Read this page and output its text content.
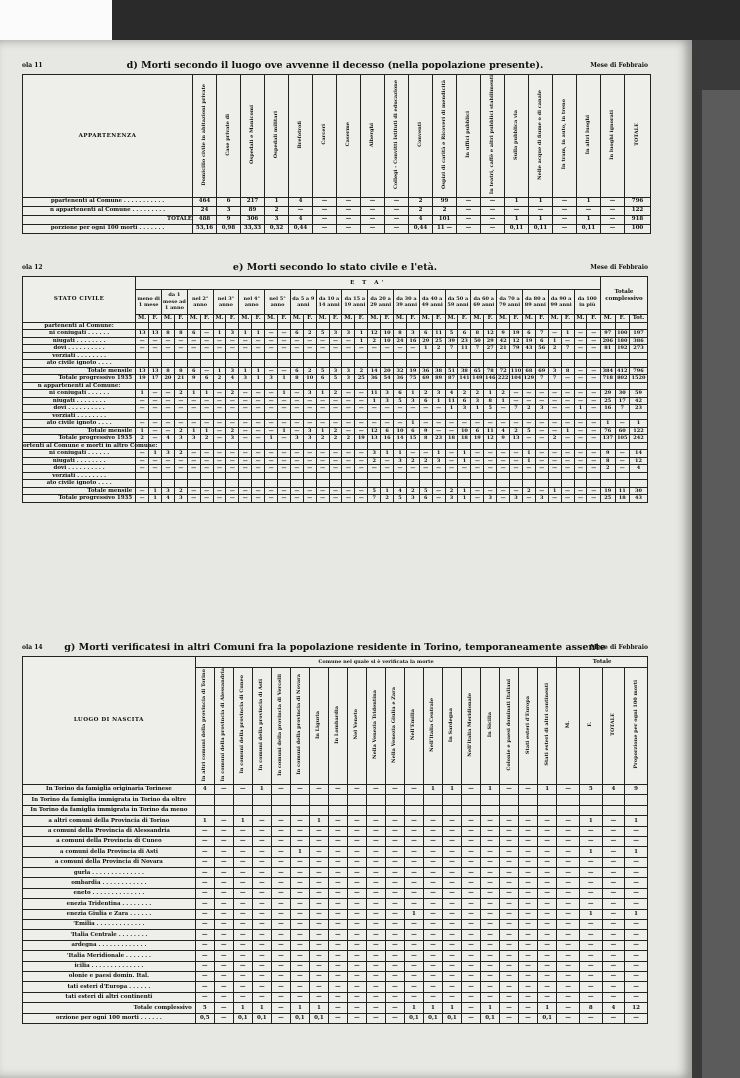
ola 11	d) Morti secondo il luogo ove avvenne il decesso (nella popolazione presente).	Mese di Febbraio
APPARTENENZA	Domicilio civile in abitazioni private	Case private di	Ospedali e Manicomi	Ospedali militari	Brefotrofi	Carceri	Caserme	Alberghi	Collegi - Convitti Istituti di educazione	Conventi	Ospizi di carità e Ricoveri di mendicità	In uffici pubblici	In teatri, caffè e altri pubblici stabilimenti	Sulla pubblica via	Nelle acque di fiume o di canale	In tram, in auto, in treno	In altri luoghi	In luoghi ignorati	TOTALE
ppartenenti al Comune . . . . . . . . . . .	464	6	217	1	4	—	—	—	—	2	99	—	—	1	1	—	1	—	796
n appartenenti al Comune . . . . . . . . .	24	3	89	2	—	—	—	—	—	2	2	—	—	—	—	—	—	—	122
TOTALE	488	9	306	3	4	—	—	—	—	4	101	—	—	1	1	—	1	—	918
porzione per ogni 100 morti . . . . . . .	53,16	0,98	33,33	0,32	0,44	—	—	—	—	0,44	11 —	—	—	0,11	0,11	—	0,11	—	100
ola 12	e) Morti secondo lo stato civile e l'età.	Mese di Febbraio
STATO CIVILE	E T A'																																				Totale complessivo		
	meno di 1 mese		da 1 mese ad 1 anno		nel 2° anno		nel 3° anno		nel 4° anno		nel 5° anno		da 5 a 9 anni		da 10 a 14 anni		da 15 a 19 anni		da 20 a 29 anni		da 30 a 39 anni		da 40 a 49 anni		da 50 a 59 anni		da 60 a 69 anni		da 70 a 79 anni		da 80 a 89 anni		da 90 a 99 anni		da 100 in più				
	M.	F.	M.	F.	M.	F.	M.	F.	M.	F.	M.	F.	M.	F.	M.	F.	M.	F.	M.	F.	M.	F.	M.	F.	M.	F.	M.	F.	M.	F.	M.	F.	M.	F.	M.	F.	M.	F.	Tot.
partenenti al Comune:																																							
ni coniugati . . . . . .	13	13	8	8	6	—	1	3	1	1	—	—	6	2	5	3	3	1	12	10	8	3	6	11	5	6	8	12	9	19	6	7	—	1	—	—	97	100	197
niugati . . . . . . . .	—	—	—	—	—	—	—	—	—	—	—	—	—	—	—	—	—	1	2	10	24	16	29	25	39	23	50	29	42	12	19	6	1	—	—	—	206	180	386
dovi . . . . . . . . . .	—	—	—	—	—	—	—	—	—	—	—	—	—	—	—	—	—	—	—	—	—	—	1	2	7	11	7	27	21	79	43	56	2	7	—	—	81	192	273
vorziati . . . . . . . .																																							
ato civile ignoto . . . .																																							
Totale mensile	13	13	8	8	6	—	1	3	1	1	—	—	6	2	5	3	3	2	14	20	32	19	36	38	51	38	65	78	72	110	68	69	3	8	—	—	384	412	796
Totale progressivo 1935	19	17	20	21	9	6	2	4	3	1	3	1	8	10	6	5	3	25	36	54	36	75	69	89	87	141	149	146	222	104	129	7	7	—	—	—	718	802	1520
n appartenenti al Comune:																																							
ni coniugati . . . . . .	1	—	—	2	1	1	—	2	—	—	—	1	—	3	1	2	—	—	11	3	6	1	2	3	4	2	2	1	2	—	—	—	—	—	—	—	29	30	59
niugati . . . . . . . .	—	—	—	—	—	—	—	—	—	—	—	—	—	—	—	—	—	—	1	3	5	3	6	1	11	6	3	8	1	—	—	—	—	—	—	—	25	17	42
dovi . . . . . . . . . .	—	—	—	—	—	—	—	—	—	—	—	—	—	—	—	—	—	—	—	—	—	—	—	—	1	3	1	5	—	7	2	3	—	—	1	—	16	7	23
vorziati . . . . . . . .																																							
ato civile ignoto . . . .	—	—	—	—	—	—	—	—	—	—	—	—	—	—	—	—	—	—	—	—	—	1	—	—	—	—	—	—	—	—	—	—	—	—	—	—	1	—	1
Totale mensile	1	—	—	2	1	1	—	2	—	—	—	1	—	3	1	2	—	—	12	6	10	6	9	—	—	10	6	11	4	2	5	—	—	1	—	—	76	60	122
Totale progressivo 1935	2	—	4	3	3	2	—	3	—	—	1	—	3	3	2	2	2	19	13	16	14	15	8	23	18	18	19	12	9	13	—	—	2	—	—	—	137	105	242
ortenti al Comune e morti in altro Comune:																																							
ni coniugati . . . . . .	—	1	3	2	—	—	—	—	—	—	—	—	—	—	—	—	—	—	3	1	1	—	—	1	—	1	—	—	—	—	1	—	—	—	—	—	9	—	14
niugati . . . . . . . .	—	—	—	—	—	—	—	—	—	—	—	—	—	—	—	—	—	—	2	—	3	2	2	3	—	1	—	—	—	—	1	—	—	—	—	—	8	—	12
dovi . . . . . . . . . .	—	—	—	—	—	—	—	—	—	—	—	—	—	—	—	—	—	—	—	—	—	—	—	—	—	—	—	—	—	—	—	—	—	—	—	—	2	—	4
vorziati . . . . . . . .																																							
ato civile ignoto . . . .																																							
Totale mensile	—	1	3	2	—	—	—	—	—	—	—	—	—	—	—	—	—	—	5	1	4	2	5	—	2	1	—	—	—	—	2	—	1	—	—	—	19	11	30
Totale progressivo 1935	—	1	4	3	—	—	—	—	—	—	—	—	—	—	—	—	—	—	7	2	5	3	6	—	3	1	—	3	—	3	—	3	—	—	—	—	25	18	43
ola 14	g) Morti verificatesi in altri Comuni fra la popolazione residente in Torino, temporaneamente assente
Mese di Febbraio
LUOGO DI NASCITA	Comune nel quale si è verificata la morte																			Totale			
	In altri comuni della provincia di Torino	In comuni della provincia di Alessandria	In comuni della provincia di Cuneo	In comuni della provincia di Asti	In comuni della provincia di Vercelli	In comuni della provincia di Novara	In Liguria	In Lombardia	Nel Veneto	Nella Venezia Tridentina	Nella Venezia Giulia e Zara	Nell'Emilia	Nell'Italia Centrale	In Sardegna	Nell'Italia Meridionale	In Sicilia	Colonie e paesi dominati Italiani	Stati esteri d'Europa	Stati esteri di altri continenti	M.	F.	TOTALE	Proporzione per ogni 100 morti
In Torino da famiglia originaria Torinese	4	—	—	1	—	—	—	—	—	—	—	—	1	1	—	1	—	—	1	—	5	4	9
In Torino da famiglia immigrata in Torino da oltre																							
In Torino da famiglia immigrata in Torino da meno																							
a altri comuni della Provincia di Torino	1	—	1	—	—	—	1	—	—	—	—	—	—	—	—	—	—	—	—	—	1	—	1
a comuni della Provincia di Alessandria	—	—	—	—	—	—	—	—	—	—	—	—	—	—	—	—	—	—	—	—	—	—	—
a comuni della Provincia di Cuneo	—	—	—	—	—	—	—	—	—	—	—	—	—	—	—	—	—	—	—	—	—	—	—
a comuni della Provincia di Asti	—	—	—	—	—	1	—	—	—	—	—	—	—	—	—	—	—	—	—	—	1	—	1
a comuni della Provincia di Novara	—	—	—	—	—	—	—	—	—	—	—	—	—	—	—	—	—	—	—	—	—	—	—
gurla . . . . . . . . . . . . . .	—	—	—	—	—	—	—	—	—	—	—	—	—	—	—	—	—	—	—	—	—	—	—
ombardia . . . . . . . . . . . .	—	—	—	—	—	—	—	—	—	—	—	—	—	—	—	—	—	—	—	—	—	—	—
eneto . . . . . . . . . . . . . .	—	—	—	—	—	—	—	—	—	—	—	—	—	—	—	—	—	—	—	—	—	—	—
enezia Tridentina . . . . . . . .	—	—	—	—	—	—	—	—	—	—	—	—	—	—	—	—	—	—	—	—	—	—	—
enezia Giulia e Zara . . . . . .	—	—	—	—	—	—	—	—	—	—	—	1	—	—	—	—	—	—	—	—	1	—	1
'Emilia . . . . . . . . . . . . .	—	—	—	—	—	—	—	—	—	—	—	—	—	—	—	—	—	—	—	—	—	—	—
'Italia Centrale . . . . . . . .	—	—	—	—	—	—	—	—	—	—	—	—	—	—	—	—	—	—	—	—	—	—	—
ardegna . . . . . . . . . . . . .	—	—	—	—	—	—	—	—	—	—	—	—	—	—	—	—	—	—	—	—	—	—	—
'Italia Meridionale . . . . . . .	—	—	—	—	—	—	—	—	—	—	—	—	—	—	—	—	—	—	—	—	—	—	—
icilia . . . . . . . . . . . . . .	—	—	—	—	—	—	—	—	—	—	—	—	—	—	—	—	—	—	—	—	—	—	—
olonie e paesi domin. Ital.	—	—	—	—	—	—	—	—	—	—	—	—	—	—	—	—	—	—	—	—	—	—	—
tati esteri d'Europa . . . . . .	—	—	—	—	—	—	—	—	—	—	—	—	—	—	—	—	—	—	—	—	—	—	—
tati esteri di altri continenti	—	—	—	—	—	—	—	—	—	—	—	—	—	—	—	—	—	—	—	—	—	—	—
Totale complessivo	5	—	1	1	—	1	1	—	—	—	—	1	1	1	—	1	—	—	1	—	8	4	12
orzione per ogni 100 morti . . . . . .	0,5	—	0,1	0,1	—	0,1	0,1	—	—	—	—	0,1	0,1	0,1	—	0,1	—	—	0,1	—	—	—	—
